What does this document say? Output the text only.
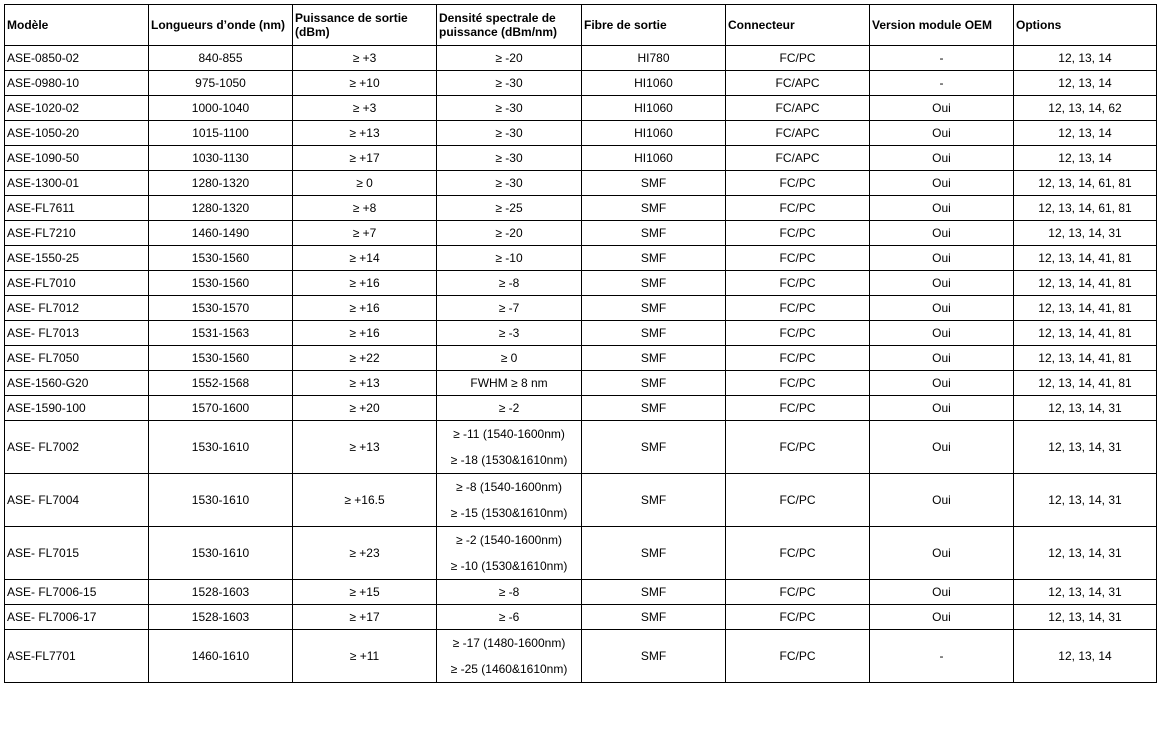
Modèle	Longueurs d’onde (nm)	Puissance de sortie (dBm)	Densité spectrale de puissance (dBm/nm)	Fibre de sortie	Connecteur	Version module OEM	Options
ASE-0850-02	840-855	≥ +3	≥ -20	HI780	FC/PC	-	12, 13, 14
ASE-0980-10	975-1050	≥ +10	≥ -30	HI1060	FC/APC	-	12, 13, 14
ASE-1020-02	1000-1040	≥ +3	≥ -30	HI1060	FC/APC	Oui	12, 13, 14, 62
ASE-1050-20	1015-1100	≥ +13	≥ -30	HI1060	FC/APC	Oui	12, 13, 14
ASE-1090-50	1030-1130	≥ +17	≥ -30	HI1060	FC/APC	Oui	12, 13, 14
ASE-1300-01	1280-1320	≥ 0	≥ -30	SMF	FC/PC	Oui	12, 13, 14, 61, 81
ASE-FL7611	1280-1320	≥ +8	≥ -25	SMF	FC/PC	Oui	12, 13, 14, 61, 81
ASE-FL7210	1460-1490	≥ +7	≥ -20	SMF	FC/PC	Oui	12, 13, 14, 31
ASE-1550-25	1530-1560	≥ +14	≥ -10	SMF	FC/PC	Oui	12, 13, 14, 41, 81
ASE-FL7010	1530-1560	≥ +16	≥ -8	SMF	FC/PC	Oui	12, 13, 14, 41, 81
ASE- FL7012	1530-1570	≥ +16	≥ -7	SMF	FC/PC	Oui	12, 13, 14, 41, 81
ASE- FL7013	1531-1563	≥ +16	≥ -3	SMF	FC/PC	Oui	12, 13, 14, 41, 81
ASE- FL7050	1530-1560	≥ +22	≥ 0	SMF	FC/PC	Oui	12, 13, 14, 41, 81
ASE-1560-G20	1552-1568	≥ +13	FWHM ≥ 8 nm	SMF	FC/PC	Oui	12, 13, 14, 41, 81
ASE-1590-100	1570-1600	≥ +20	≥ -2	SMF	FC/PC	Oui	12, 13, 14, 31
ASE- FL7002	1530-1610	≥ +13	≥ -11 (1540-1600nm)
≥ -18 (1530&1610nm)	SMF	FC/PC	Oui	12, 13, 14, 31
ASE- FL7004	1530-1610	≥ +16.5	≥ -8 (1540-1600nm)
≥ -15 (1530&1610nm)	SMF	FC/PC	Oui	12, 13, 14, 31
ASE- FL7015	1530-1610	≥ +23	≥ -2 (1540-1600nm)
≥ -10 (1530&1610nm)	SMF	FC/PC	Oui	12, 13, 14, 31
ASE- FL7006-15	1528-1603	≥ +15	≥ -8	SMF	FC/PC	Oui	12, 13, 14, 31
ASE- FL7006-17	1528-1603	≥ +17	≥ -6	SMF	FC/PC	Oui	12, 13, 14, 31
ASE-FL7701	1460-1610	≥ +11	≥ -17 (1480-1600nm)
≥ -25 (1460&1610nm)	SMF	FC/PC	-	12, 13, 14
